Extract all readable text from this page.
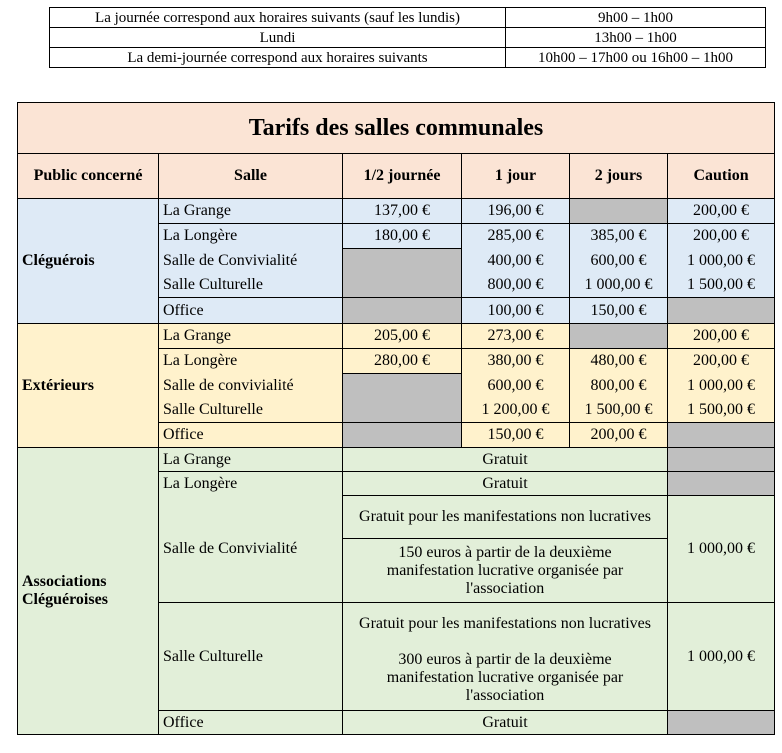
La journée correspond aux horaires suivants (sauf les lundis)	9h00 – 1h00
Lundi	13h00 – 1h00
La demi-journée correspond aux horaires suivants	10h00 – 17h00 ou 16h00 – 1h00
Tarifs des salles communales					
Public concerné	Salle	1/2 journée	1 jour	2 jours	Caution
Cléguérois	La Grange	137,00 €	196,00 €		200,00 €
	La Longère	180,00 €	285,00 €	385,00 €	200,00 €
	Salle de Convivialité		400,00 €	600,00 €	1 000,00 €
	Salle Culturelle		800,00 €	1 000,00 €	1 500,00 €
	Office		100,00 €	150,00 €	
Extérieurs	La Grange	205,00 €	273,00 €		200,00 €
	La Longère	280,00 €	380,00 €	480,00 €	200,00 €
	Salle de convivialité		600,00 €	800,00 €	1 000,00 €
	Salle Culturelle		1 200,00 €	1 500,00 €	1 500,00 €
	Office		150,00 €	200,00 €	
Associations Cléguéroises	La Grange	Gratuit			
	La Longère	Gratuit			
	Salle de Convivialité	Gratuit pour les manifestations non lucratives			1 000,00 €
		150 euros à partir de la deuxième manifestation lucrative organisée par l'association			
	Salle Culturelle	Gratuit pour les manifestations non lucratives			1 000,00 €
		300 euros à partir de la deuxième manifestation lucrative organisée par l'association			
	Office	Gratuit			
